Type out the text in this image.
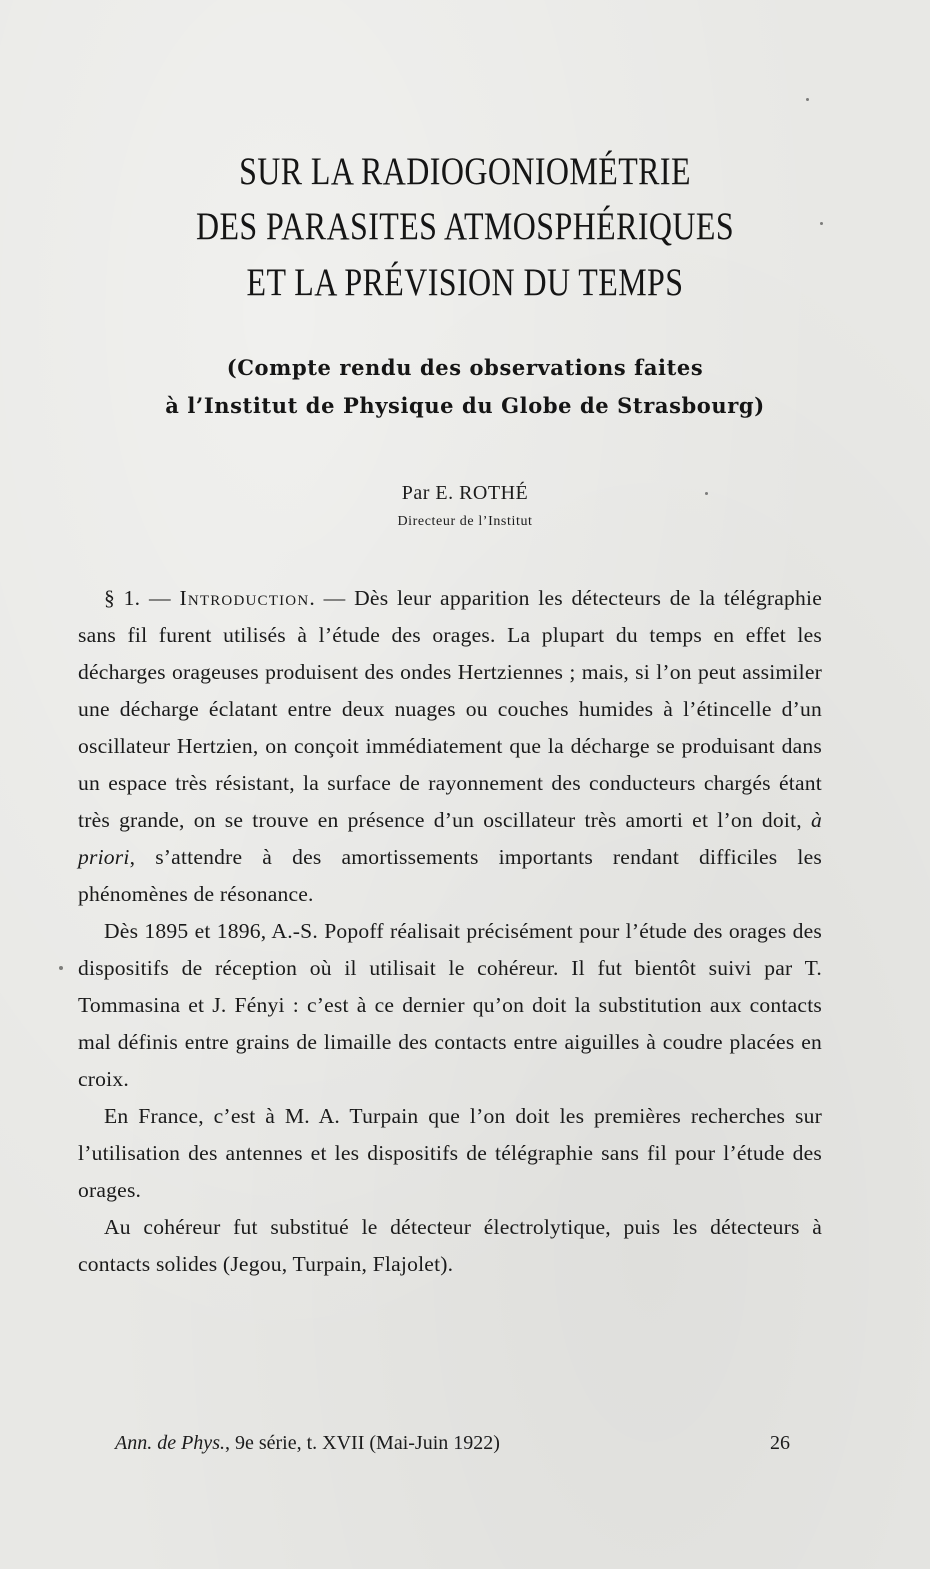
SUR LA RADIOGONIOMÉTRIE
DES PARASITES ATMOSPHÉRIQUES
ET LA PRÉVISION DU TEMPS
(Compte rendu des observations faites
à l’Institut de Physique du Globe de Strasbourg)
Par E. ROTHÉ
Directeur de l’Institut

§ 1. — Introduction. — Dès leur apparition les détecteurs de la télégraphie sans fil furent utilisés à l’étude des orages. La plupart du temps en effet les décharges orageuses produisent des ondes Hertziennes ; mais, si l’on peut assimiler une décharge éclatant entre deux nuages ou couches humides à l’étincelle d’un oscillateur Hertzien, on conçoit immédiatement que la décharge se produisant dans un espace très résistant, la surface de rayonnement des conducteurs chargés étant très grande, on se trouve en présence d’un oscillateur très amorti et l’on doit, à priori, s’attendre à des amortissements importants rendant difficiles les phénomènes de résonance.

Dès 1895 et 1896, A.-S. Popoff réalisait précisément pour l’étude des orages des dispositifs de réception où il utilisait le cohéreur. Il fut bientôt suivi par T. Tommasina et J. Fényi : c’est à ce dernier qu’on doit la substitution aux contacts mal définis entre grains de limaille des contacts entre aiguilles à coudre placées en croix.

En France, c’est à M. A. Turpain que l’on doit les premières recherches sur l’utilisation des antennes et les dispositifs de télégraphie sans fil pour l’étude des orages.

Au cohéreur fut substitué le détecteur électrolytique, puis les détecteurs à contacts solides (Jegou, Turpain, Flajolet).

Ann. de Phys., 9e série, t. XVII (Mai-Juin 1922)	26
